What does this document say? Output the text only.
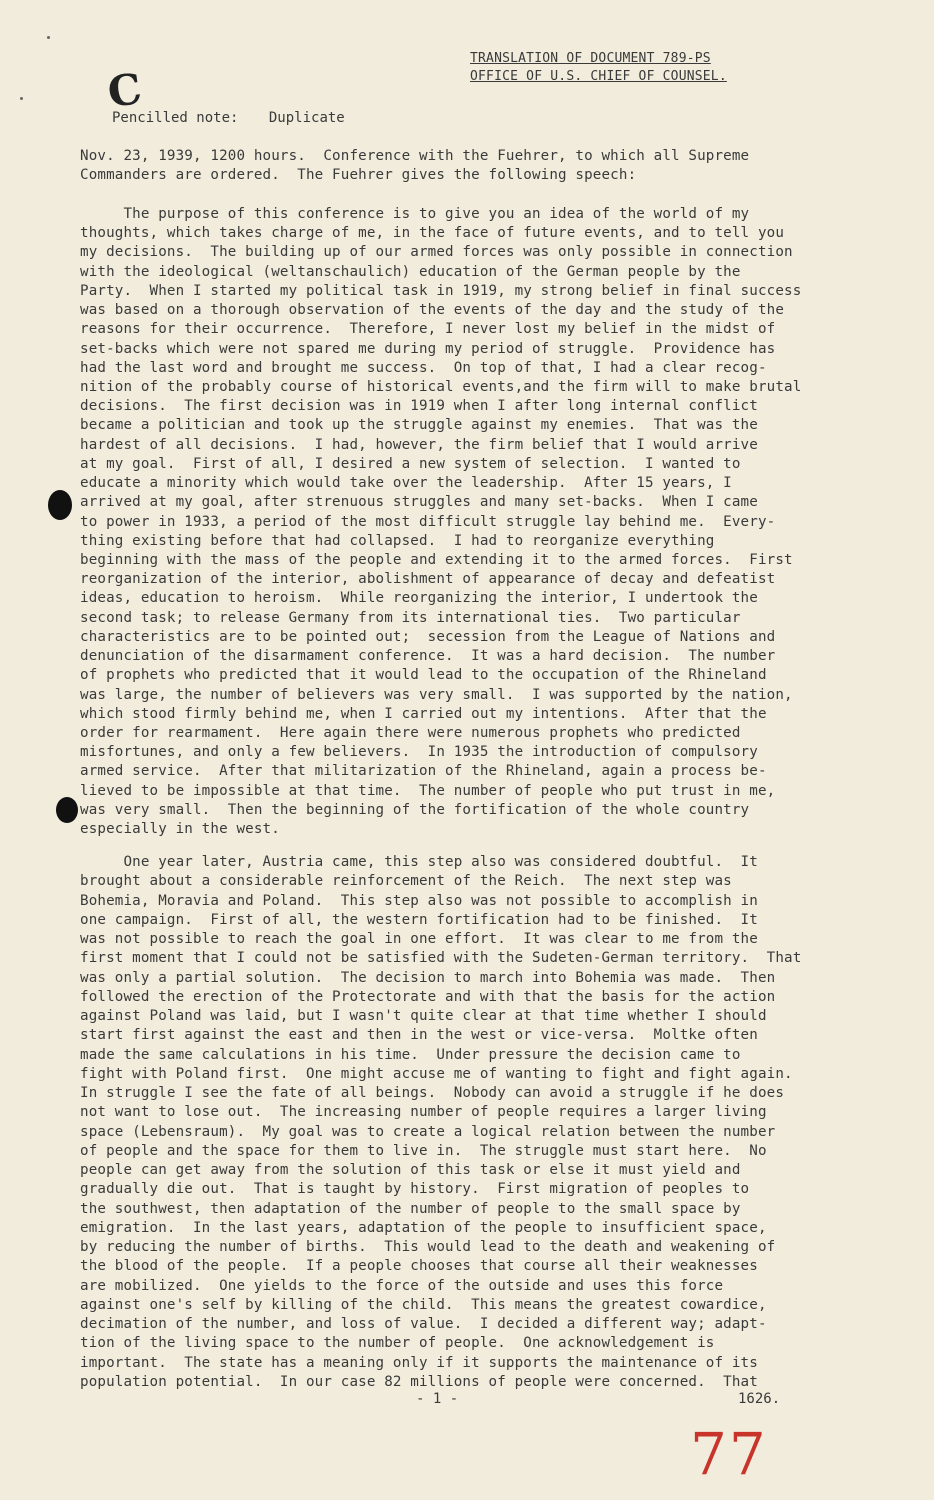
TRANSLATION OF DOCUMENT 789-PS
OFFICE OF U.S. CHIEF OF COUNSEL.
C
Pencilled note: Duplicate
Nov. 23, 1939, 1200 hours.  Conference with the Fuehrer, to which all Supreme
Commanders are ordered.  The Fuehrer gives the following speech:
The purpose of this conference is to give you an idea of the world of my
thoughts, which takes charge of me, in the face of future events, and to tell you
my decisions.  The building up of our armed forces was only possible in connection
with the ideological (weltanschaulich) education of the German people by the
Party.  When I started my political task in 1919, my strong belief in final success
was based on a thorough observation of the events of the day and the study of the
reasons for their occurrence.  Therefore, I never lost my belief in the midst of
set-backs which were not spared me during my period of struggle.  Providence has
had the last word and brought me success.  On top of that, I had a clear recog-
nition of the probably course of historical events,and the firm will to make brutal
decisions.  The first decision was in 1919 when I after long internal conflict
became a politician and took up the struggle against my enemies.  That was the
hardest of all decisions.  I had, however, the firm belief that I would arrive
at my goal.  First of all, I desired a new system of selection.  I wanted to
educate a minority which would take over the leadership.  After 15 years, I
arrived at my goal, after strenuous struggles and many set-backs.  When I came
to power in 1933, a period of the most difficult struggle lay behind me.  Every-
thing existing before that had collapsed.  I had to reorganize everything
beginning with the mass of the people and extending it to the armed forces.  First
reorganization of the interior, abolishment of appearance of decay and defeatist
ideas, education to heroism.  While reorganizing the interior, I undertook the
second task; to release Germany from its international ties.  Two particular
characteristics are to be pointed out;  secession from the League of Nations and
denunciation of the disarmament conference.  It was a hard decision.  The number
of prophets who predicted that it would lead to the occupation of the Rhineland
was large, the number of believers was very small.  I was supported by the nation,
which stood firmly behind me, when I carried out my intentions.  After that the
order for rearmament.  Here again there were numerous prophets who predicted
misfortunes, and only a few believers.  In 1935 the introduction of compulsory
armed service.  After that militarization of the Rhineland, again a process be-
lieved to be impossible at that time.  The number of people who put trust in me,
was very small.  Then the beginning of the fortification of the whole country
especially in the west.
One year later, Austria came, this step also was considered doubtful.  It
brought about a considerable reinforcement of the Reich.  The next step was
Bohemia, Moravia and Poland.  This step also was not possible to accomplish in
one campaign.  First of all, the western fortification had to be finished.  It
was not possible to reach the goal in one effort.  It was clear to me from the
first moment that I could not be satisfied with the Sudeten-German territory.  That
was only a partial solution.  The decision to march into Bohemia was made.  Then
followed the erection of the Protectorate and with that the basis for the action
against Poland was laid, but I wasn't quite clear at that time whether I should
start first against the east and then in the west or vice-versa.  Moltke often
made the same calculations in his time.  Under pressure the decision came to
fight with Poland first.  One might accuse me of wanting to fight and fight again.
In struggle I see the fate of all beings.  Nobody can avoid a struggle if he does
not want to lose out.  The increasing number of people requires a larger living
space (Lebensraum).  My goal was to create a logical relation between the number
of people and the space for them to live in.  The struggle must start here.  No
people can get away from the solution of this task or else it must yield and
gradually die out.  That is taught by history.  First migration of peoples to
the southwest, then adaptation of the number of people to the small space by
emigration.  In the last years, adaptation of the people to insufficient space,
by reducing the number of births.  This would lead to the death and weakening of
the blood of the people.  If a people chooses that course all their weaknesses
are mobilized.  One yields to the force of the outside and uses this force
against one's self by killing of the child.  This means the greatest cowardice,
decimation of the number, and loss of value.  I decided a different way; adapt-
tion of the living space to the number of people.  One acknowledgement is
important.  The state has a meaning only if it supports the maintenance of its
population potential.  In our case 82 millions of people were concerned.  That
- 1 -	1626.
77
